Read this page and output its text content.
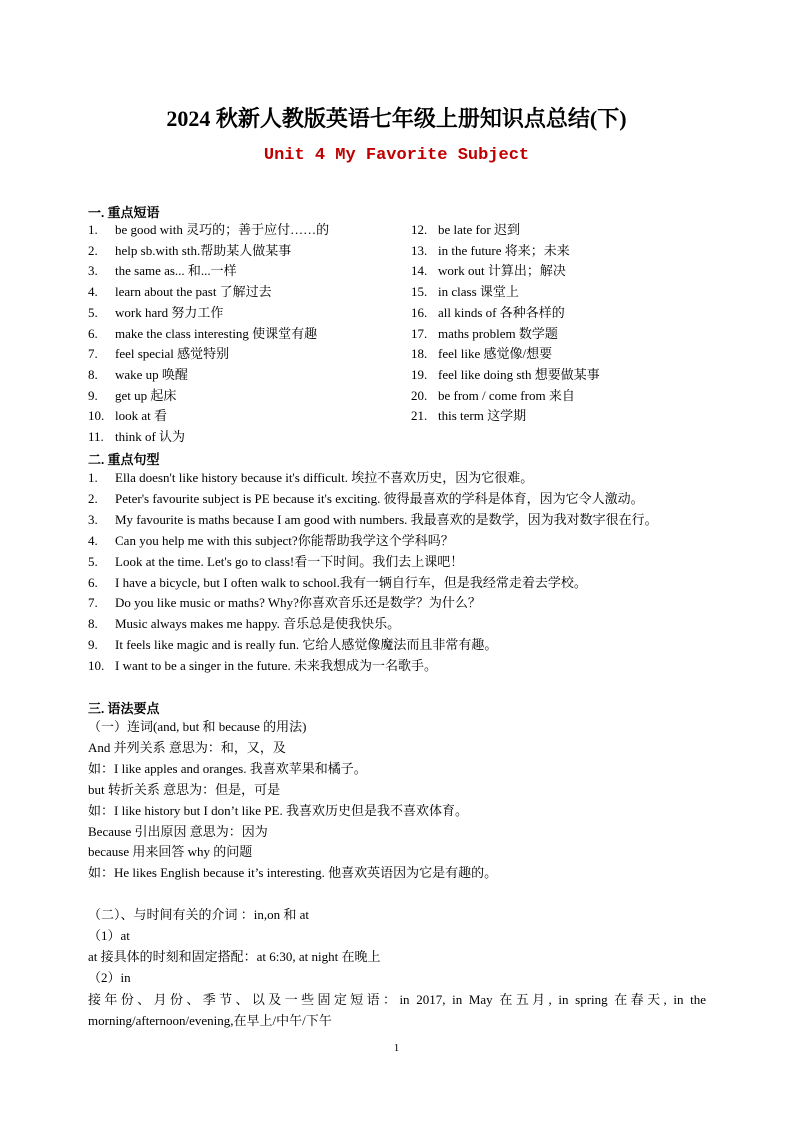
2024 秋新人教版英语七年级上册知识点总结(下)
Unit 4 My Favorite Subject
一. 重点短语
1. be good with 灵巧的；善于应付……的
2. help sb.with sth.帮助某人做某事
3. the same as... 和...一样
4. learn about the past 了解过去
5. work hard 努力工作
6. make the class interesting 使课堂有趣
7. feel special 感觉特别
8. wake up 唤醒
9. get up 起床
10. look at 看
11. think of 认为
12. be late for 迟到
13. in the future 将来；未来
14. work out 计算出；解决
15. in class 课堂上
16. all kinds of 各种各样的
17. maths problem 数学题
18. feel like 感觉像/想要
19. feel like doing sth 想要做某事
20. be from / come from 来自
21. this term 这学期
二. 重点句型
1. Ella doesn't like history because it's difficult. 埃拉不喜欢历史，因为它很难。
2. Peter's favourite subject is PE because it's exciting. 彼得最喜欢的学科是体育，因为它令人激动。
3. My favourite is maths because I am good with numbers. 我最喜欢的是数学，因为我对数字很在行。
4. Can you help me with this subject?你能帮助我学这个学科吗？
5. Look at the time. Let's go to class!看一下时间。我们去上课吧！
6. I have a bicycle, but I often walk to school.我有一辆自行车，但是我经常走着去学校。
7. Do you like music or maths? Why?你喜欢音乐还是数学？为什么？
8. Music always makes me happy. 音乐总是使我快乐。
9. It feels like magic and is really fun. 它给人感觉像魔法而且非常有趣。
10. I want to be a singer in the future. 未来我想成为一名歌手。
三. 语法要点
（一）连词(and, but 和 because 的用法)
And 并列关系 意思为：和，又，及
如：I like apples and oranges. 我喜欢苹果和橘子。
but 转折关系 意思为：但是，可是
如：I like history but I don’t like PE. 我喜欢历史但是我不喜欢体育。
Because 引出原因 意思为：因为
because 用来回答 why 的问题
如：He likes English because it’s interesting. 他喜欢英语因为它是有趣的。
（二）、与时间有关的介词 ：in,on 和 at
（1）at
at 接具体的时刻和固定搭配：at 6:30, at night 在晚上
（2）in
接年份、月份、季节、以及一些固定短语：in 2017, in May 在五月, in spring 在春天, in the morning/afternoon/evening,在早上/中午/下午
1
